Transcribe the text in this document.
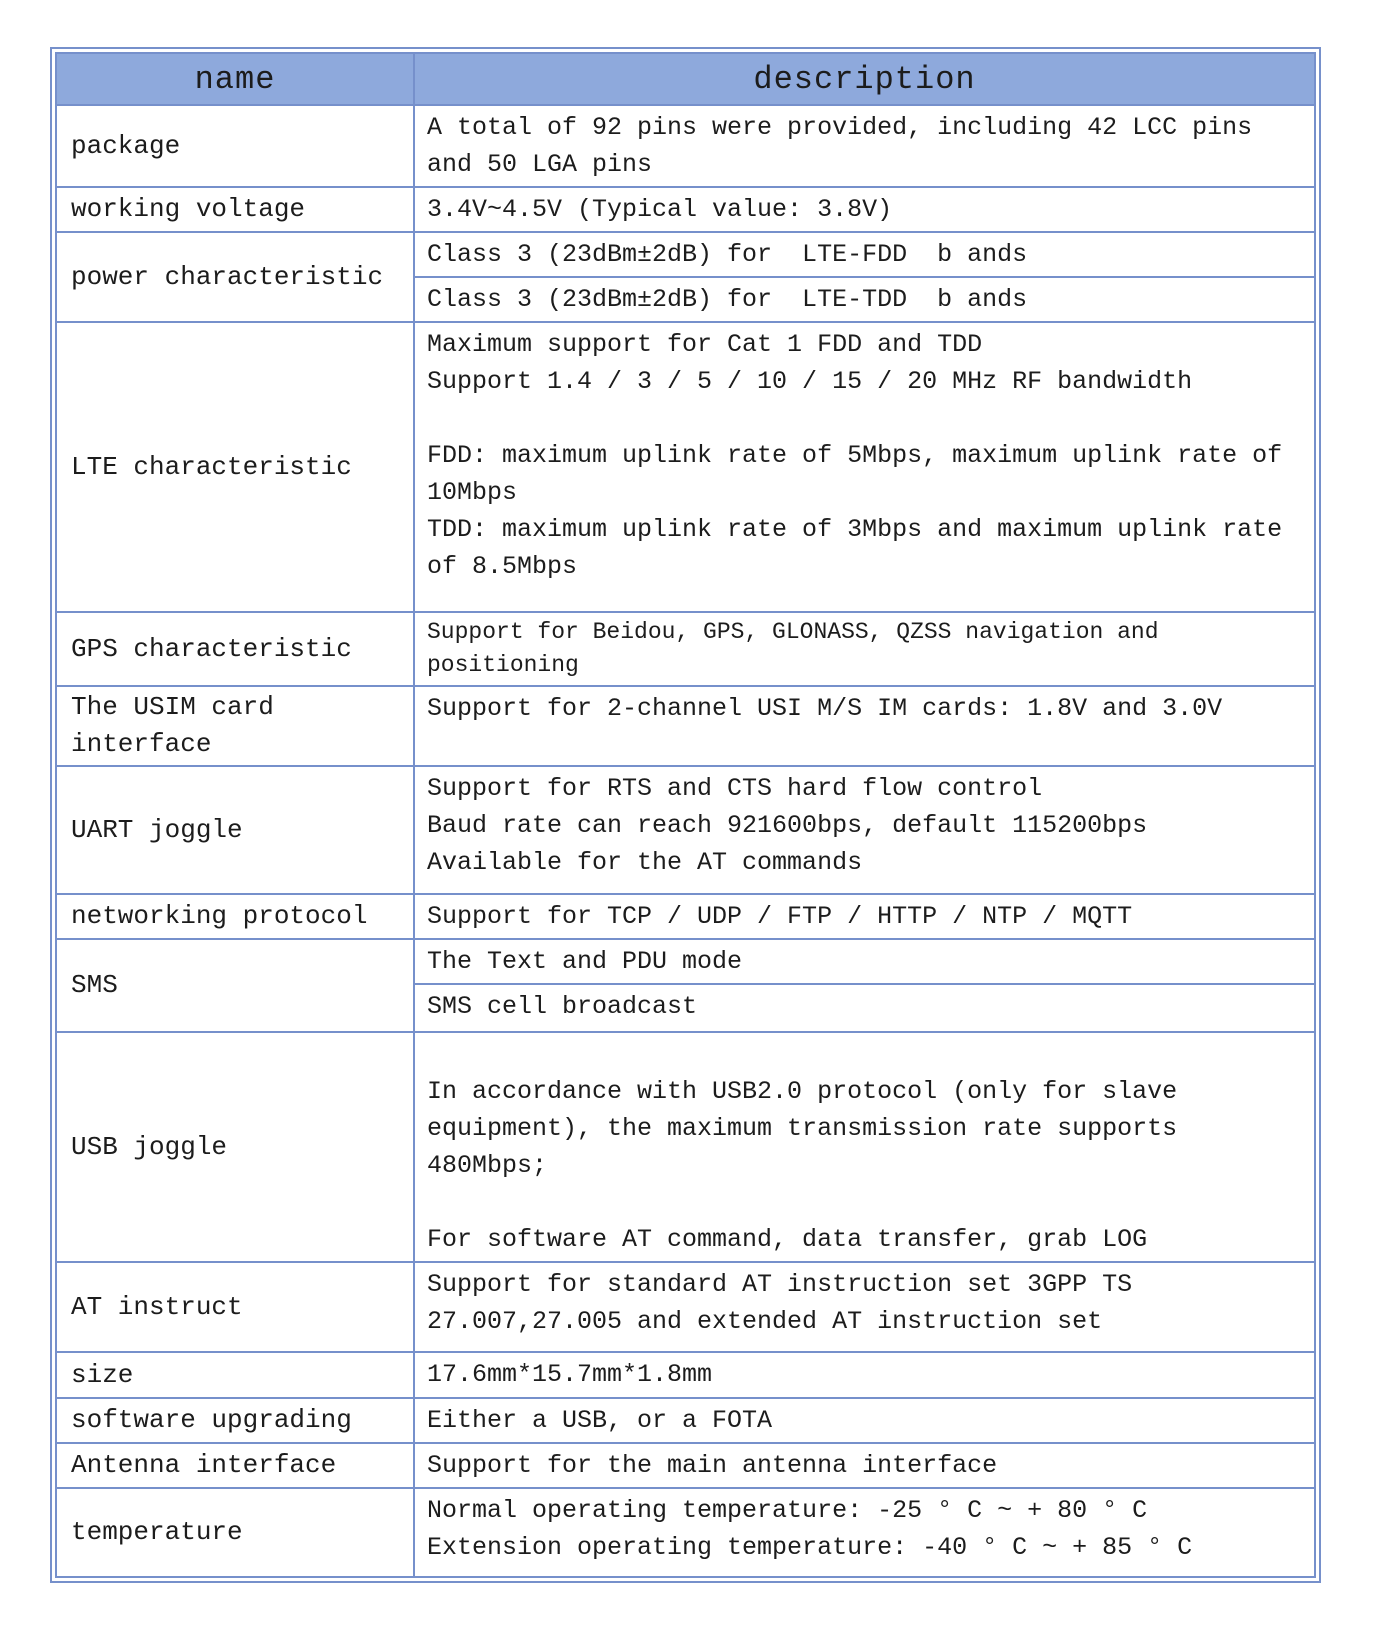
name	description
package	A total of 92 pins were provided, including 42 LCC pins and 50 LGA pins

working voltage	3.4V~4.5V (Typical value: 3.8V)

power characteristic	Class 3 (23dBm±2dB) for  LTE-FDD  b ands

	Class 3 (23dBm±2dB) for  LTE-TDD  b ands

LTE characteristic	Maximum support for Cat 1 FDD and TDD

Support 1.4 / 3 / 5 / 10 / 15 / 20 MHz RF bandwidth

FDD: maximum uplink rate of 5Mbps, maximum uplink rate of 10Mbps

TDD: maximum uplink rate of 3Mbps and maximum uplink rate of 8.5Mbps

GPS characteristic	Support for Beidou, GPS, GLONASS, QZSS navigation and positioning

The USIM card interface	Support for 2-channel USI M/S IM cards: 1.8V and 3.0V

UART joggle	Support for RTS and CTS hard flow control

Baud rate can reach 921600bps, default 115200bps

Available for the AT commands

networking protocol	Support for TCP / UDP / FTP / HTTP / NTP / MQTT

SMS	The Text and PDU mode

	SMS cell broadcast

USB joggle	In accordance with USB2.0 protocol (only for slave equipment), the maximum transmission rate supports 480Mbps;

For software AT command, data transfer, grab LOG

AT instruct	Support for standard AT instruction set 3GPP TS 27.007,27.005 and extended AT instruction set

size	17.6mm*15.7mm*1.8mm

software upgrading	Either a USB, or a FOTA

Antenna interface	Support for the main antenna interface

temperature	Normal operating temperature: -25 ° C ~ + 80 ° C

Extension operating temperature: -40 ° C ~ + 85 ° C
